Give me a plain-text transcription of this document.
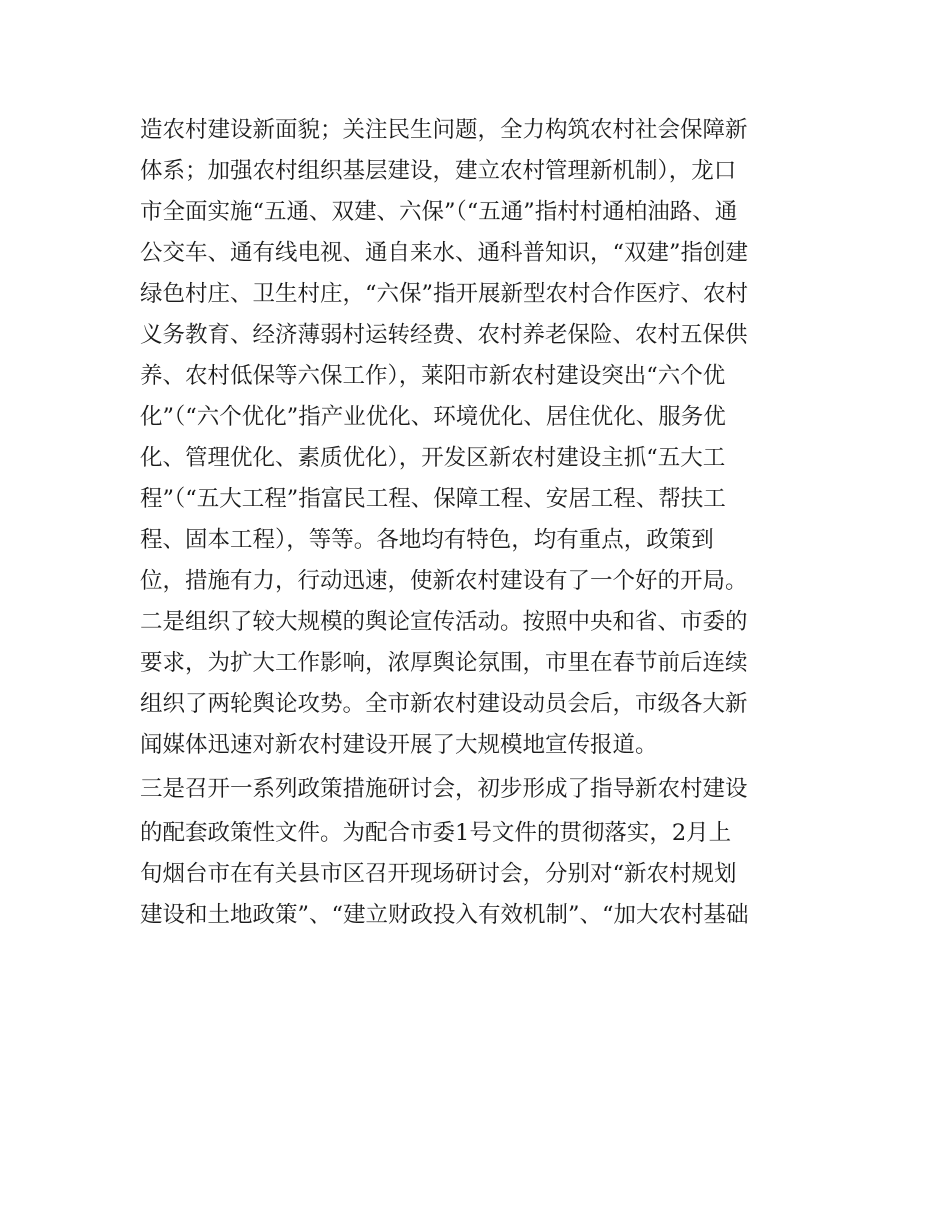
造农村建设新面貌；关注民生问题，全力构筑农村社会保障新
体系；加强农村组织基层建设，建立农村管理新机制），龙口
市全面实施“五通、双建、六保”（“五通”指村村通柏油路、通
公交车、通有线电视、通自来水、通科普知识，“双建”指创建
绿色村庄、卫生村庄，“六保”指开展新型农村合作医疗、农村
义务教育、经济薄弱村运转经费、农村养老保险、农村五保供
养、农村低保等六保工作），莱阳市新农村建设突出“六个优
化”（“六个优化”指产业优化、环境优化、居住优化、服务优
化、管理优化、素质优化），开发区新农村建设主抓“五大工
程”（“五大工程”指富民工程、保障工程、安居工程、帮扶工
程、固本工程），等等。各地均有特色，均有重点，政策到
位，措施有力，行动迅速，使新农村建设有了一个好的开局。
二是组织了较大规模的舆论宣传活动。按照中央和省、市委的
要求，为扩大工作影响，浓厚舆论氛围，市里在春节前后连续
组织了两轮舆论攻势。全市新农村建设动员会后，市级各大新
闻媒体迅速对新农村建设开展了大规模地宣传报道。
三是召开一系列政策措施研讨会，初步形成了指导新农村建设
的配套政策性文件。为配合市委1号文件的贯彻落实，2月上
旬烟台市在有关县市区召开现场研讨会，分别对“新农村规划
建设和土地政策”、“建立财政投入有效机制”、“加大农村基础
